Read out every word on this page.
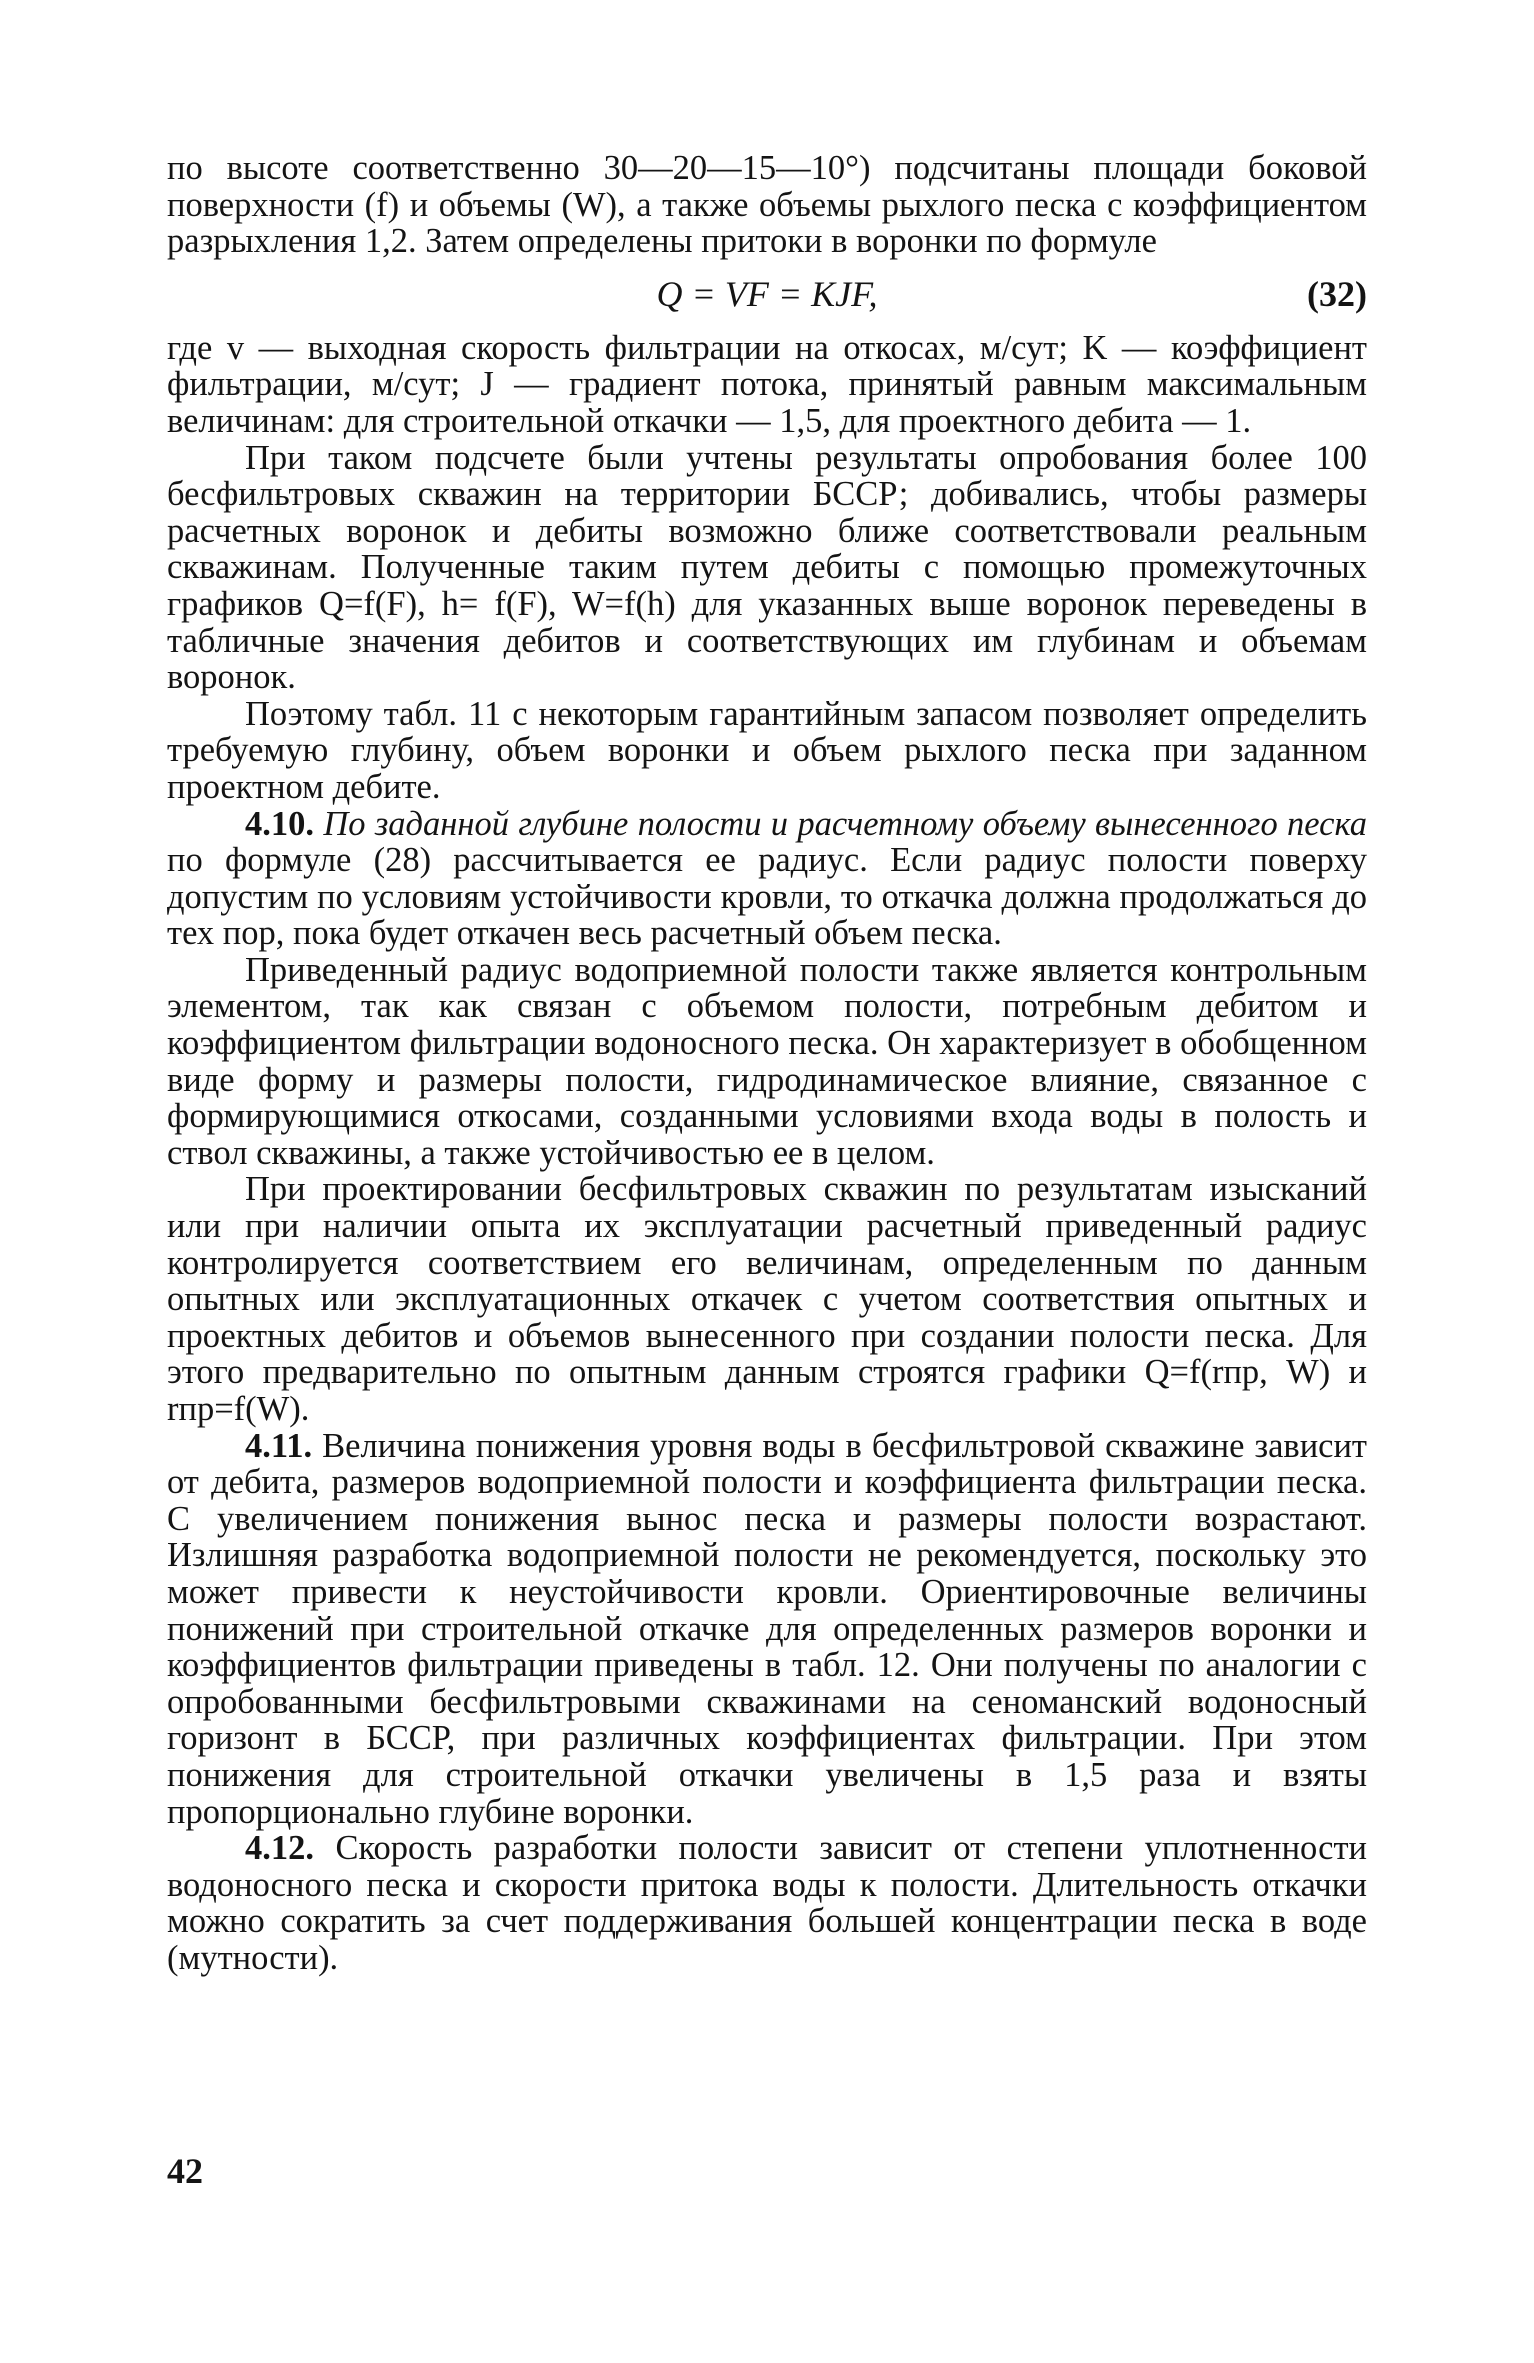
по высоте соответственно 30—20—15—10°) подсчитаны площади боковой поверхности (f) и объемы (W), а также объемы рыхлого песка с коэффициентом разрыхления 1,2. Затем определены притоки в воронки по формуле

Q = VF = KJF,	(32)

где v — выходная скорость фильтрации на откосах, м/сут; K — коэффициент фильтрации, м/сут; J — градиент потока, принятый равным максимальным величинам: для строительной откачки — 1,5, для проектного дебита — 1.

При таком подсчете были учтены результаты опробования более 100 бесфильтровых скважин на территории БССР; добивались, чтобы размеры расчетных воронок и дебиты возможно ближе соответствовали реальным скважинам. Полученные таким путем дебиты с помощью промежуточных графиков Q=f(F), h= f(F), W=f(h) для указанных выше воронок переведены в табличные значения дебитов и соответствующих им глубинам и объемам воронок.

Поэтому табл. 11 с некоторым гарантийным запасом позволяет определить требуемую глубину, объем воронки и объем рыхлого песка при заданном проектном дебите.

4.10. По заданной глубине полости и расчетному объему вынесенного песка по формуле (28) рассчитывается ее радиус. Если радиус полости поверху допустим по условиям устойчивости кровли, то откачка должна продолжаться до тех пор, пока будет откачен весь расчетный объем песка.

Приведенный радиус водоприемной полости также является контрольным элементом, так как связан с объемом полости, потребным дебитом и коэффициентом фильтрации водоносного песка. Он характеризует в обобщенном виде форму и размеры полости, гидродинамическое влияние, связанное с формирующимися откосами, созданными условиями входа воды в полость и ствол скважины, а также устойчивостью ее в целом.

При проектировании бесфильтровых скважин по результатам изысканий или при наличии опыта их эксплуатации расчетный приведенный радиус контролируется соответствием его величинам, определенным по данным опытных или эксплуатационных откачек с учетом соответствия опытных и проектных дебитов и объемов вынесенного при создании полости песка. Для этого предварительно по опытным данным строятся графики Q=f(rпр, W) и rпр=f(W).

4.11. Величина понижения уровня воды в бесфильтровой скважине зависит от дебита, размеров водоприемной полости и коэффициента фильтрации песка. С увеличением понижения вынос песка и размеры полости возрастают. Излишняя разработка водоприемной полости не рекомендуется, поскольку это может привести к неустойчивости кровли. Ориентировочные величины понижений при строительной откачке для определенных размеров воронки и коэффициентов фильтрации приведены в табл. 12. Они получены по аналогии с опробованными бесфильтровыми скважинами на сеноманский водоносный горизонт в БССР, при различных коэффициентах фильтрации. При этом понижения для строительной откачки увеличены в 1,5 раза и взяты пропорционально глубине воронки.

4.12. Скорость разработки полости зависит от степени уплотненности водоносного песка и скорости притока воды к полости. Длительность откачки можно сократить за счет поддерживания большей концентрации песка в воде (мутности).

42
